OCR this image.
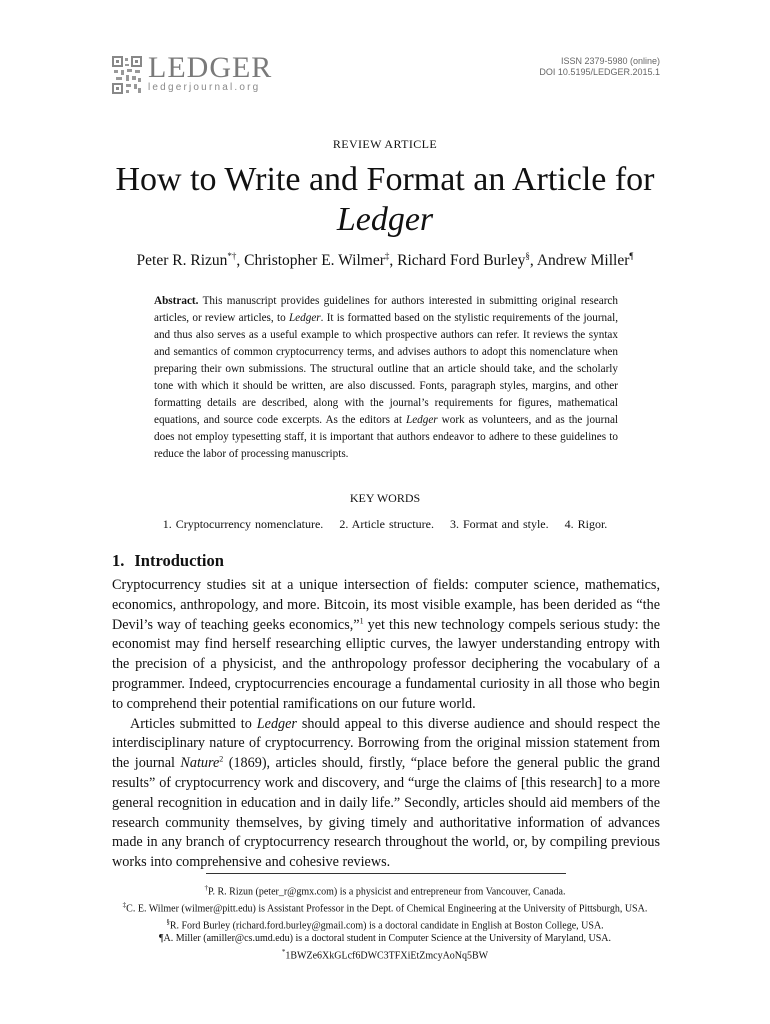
LEDGER
ledgerjournal.org
ISSN 2379-5980 (online)
DOI 10.5195/LEDGER.2015.1
REVIEW ARTICLE
How to Write and Format an Article for
Ledger
Peter R. Rizun*†, Christopher E. Wilmer‡, Richard Ford Burley§, Andrew Miller¶
Abstract. This manuscript provides guidelines for authors interested in submitting original research articles, or review articles, to Ledger. It is formatted based on the stylistic requirements of the journal, and thus also serves as a useful example to which prospective authors can refer. It reviews the syntax and semantics of common cryptocurrency terms, and advises authors to adopt this nomenclature when preparing their own submissions. The structural outline that an article should take, and the scholarly tone with which it should be written, are also discussed. Fonts, paragraph styles, margins, and other formatting details are described, along with the journal’s requirements for figures, mathematical equations, and source code excerpts. As the editors at Ledger work as volunteers, and as the journal does not employ typesetting staff, it is important that authors endeavor to adhere to these guidelines to reduce the labor of processing manuscripts.
KEY WORDS
1. Cryptocurrency nomenclature. 2. Article structure. 3. Format and style. 4. Rigor.
1. Introduction

Cryptocurrency studies sit at a unique intersection of fields: computer science, mathematics, economics, anthropology, and more. Bitcoin, its most visible example, has been derided as “the Devil’s way of teaching geeks economics,”$^1$ yet this new technology compels serious study: the economist may find herself researching elliptic curves, the lawyer understanding entropy with the precision of a physicist, and the anthropology professor deciphering the vocabulary of a programmer. Indeed, cryptocurrencies encourage a fundamental curiosity in all those who begin to comprehend their potential ramifications on our future world.

Articles submitted to Ledger should appeal to this diverse audience and should respect the interdisciplinary nature of cryptocurrency. Borrowing from the original mission statement from the journal Nature$^2$ (1869), articles should, firstly, “place before the general public the grand results” of cryptocurrency work and discovery, and “urge the claims of [this research] to a more general recognition in education and in daily life.” Secondly, articles should aid members of the research community themselves, by giving timely and authoritative information of advances made in any branch of cryptocurrency research throughout the world, or, by compiling previous works into comprehensive and cohesive reviews.

†P. R. Rizun (peter_r@gmx.com) is a physicist and entrepreneur from Vancouver, Canada.
‡C. E. Wilmer (wilmer@pitt.edu) is Assistant Professor in the Dept. of Chemical Engineering at the University of Pittsburgh, USA.
§R. Ford Burley (richard.ford.burley@gmail.com) is a doctoral candidate in English at Boston College, USA.
¶A. Miller (amiller@cs.umd.edu) is a doctoral student in Computer Science at the University of Maryland, USA.
*1BWZe6XkGLcf6DWC3TFXiEtZmcyAoNq5BW
